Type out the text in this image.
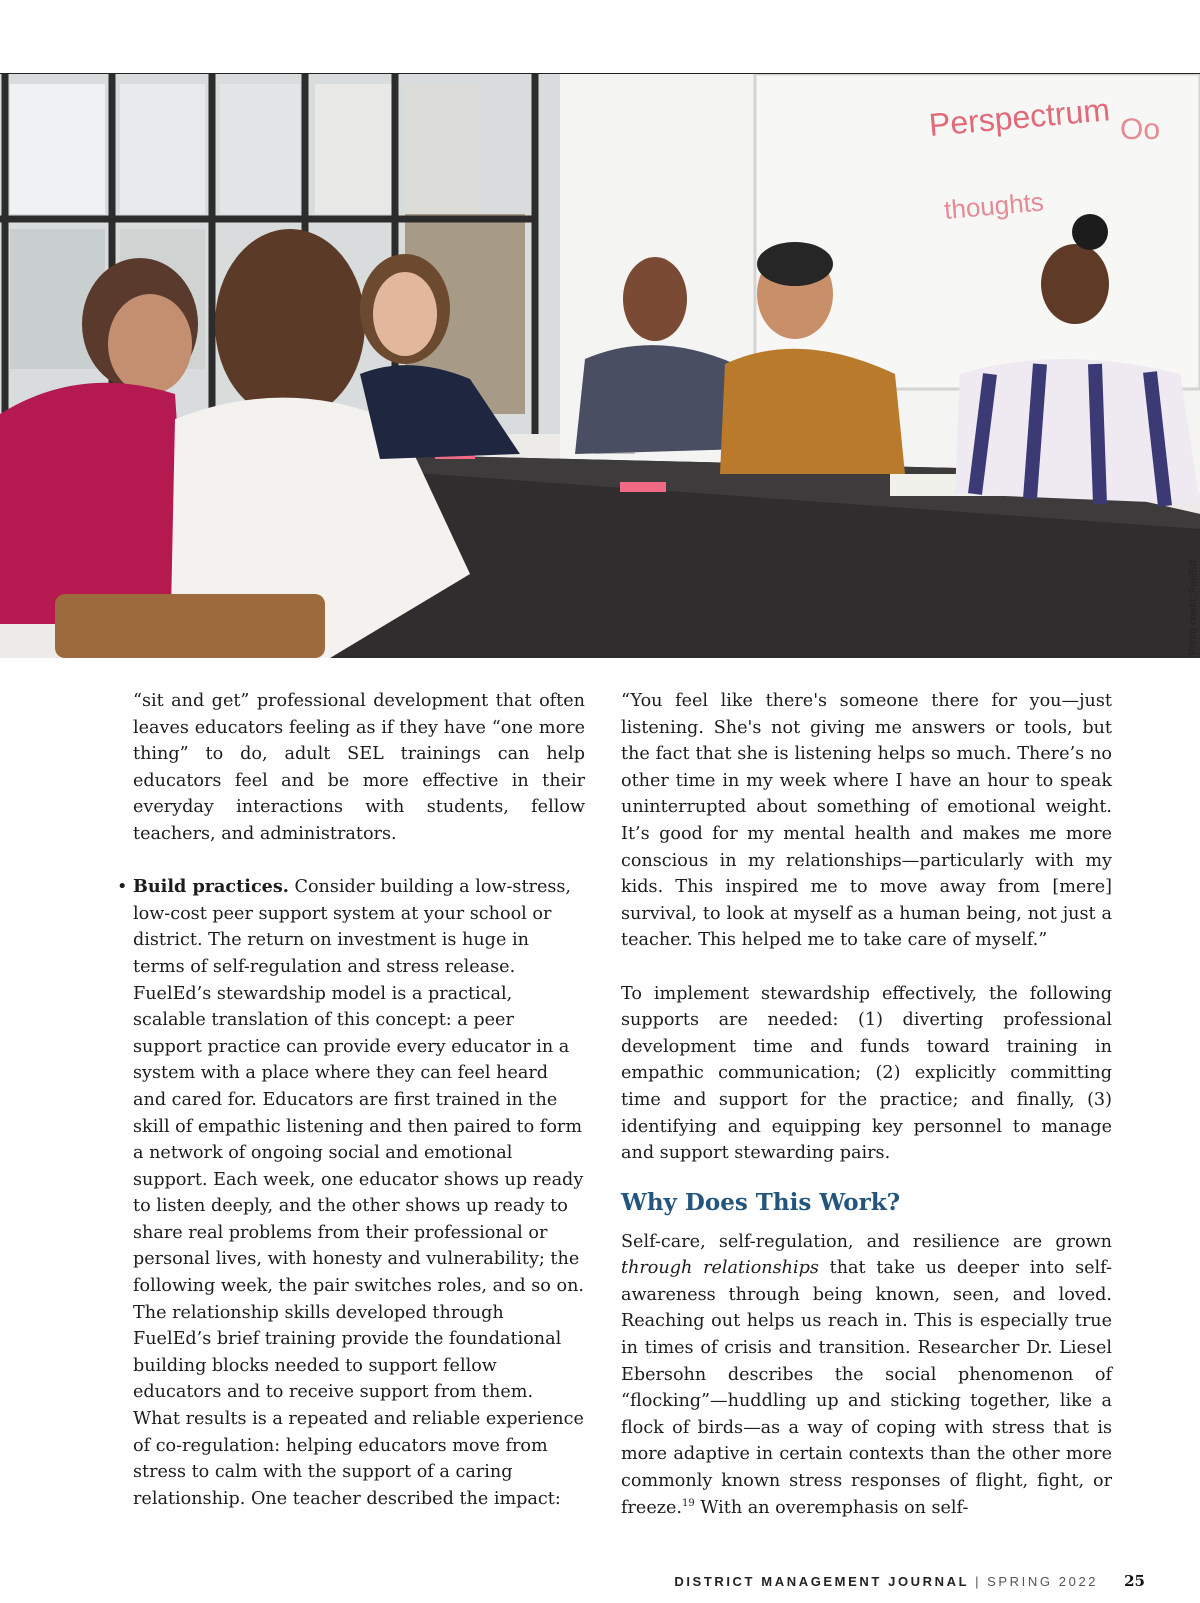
Perspectrum
thoughts
Oo
Photo credit: FuelEd

“sit and get” professional development that often leaves educators feeling as if they have “one more thing” to do, adult SEL trainings can help educators feel and be more effective in their everyday interactions with students, fellow teachers, and administrators.

• Build practices. Consider building a low-stress, low-cost peer support system at your school or district. The return on investment is huge in terms of self-regulation and stress release. FuelEd’s stewardship model is a practical, scalable translation of this concept: a peer support practice can provide every educator in a system with a place where they can feel heard and cared for. Educators are first trained in the skill of empathic listening and then paired to form a network of ongoing social and emotional support. Each week, one educator shows up ready to listen deeply, and the other shows up ready to share real problems from their professional or personal lives, with honesty and vulnerability; the following week, the pair switches roles, and so on. The relationship skills developed through FuelEd’s brief training provide the foundational building blocks needed to support fellow educators and to receive support from them. What results is a repeated and reliable experience of co-regulation: helping educators move from stress to calm with the support of a caring relationship. One teacher described the impact:

“You feel like there's someone there for you—just listening. She's not giving me answers or tools, but the fact that she is listening helps so much. There’s no other time in my week where I have an hour to speak uninterrupted about something of emotional weight. It’s good for my mental health and makes me more conscious in my relationships—particularly with my kids. This inspired me to move away from [mere] survival, to look at myself as a human being, not just a teacher. This helped me to take care of myself.”

To implement stewardship effectively, the following supports are needed: (1) diverting professional development time and funds toward training in empathic communication; (2) explicitly committing time and support for the practice; and finally, (3) identifying and equipping key personnel to manage and support stewarding pairs.

Why Does This Work?

Self-care, self-regulation, and resilience are grown through relationships that take us deeper into self-awareness through being known, seen, and loved. Reaching out helps us reach in. This is especially true in times of crisis and transition. Researcher Dr. Liesel Ebersohn describes the social phenomenon of “flocking”—huddling up and sticking together, like a flock of birds—as a way of coping with stress that is more adaptive in certain contexts than the other more commonly known stress responses of flight, fight, or freeze.$^{19}$ With an overemphasis on self-

DISTRICT MANAGEMENT JOURNAL | SPRING 2022 25
